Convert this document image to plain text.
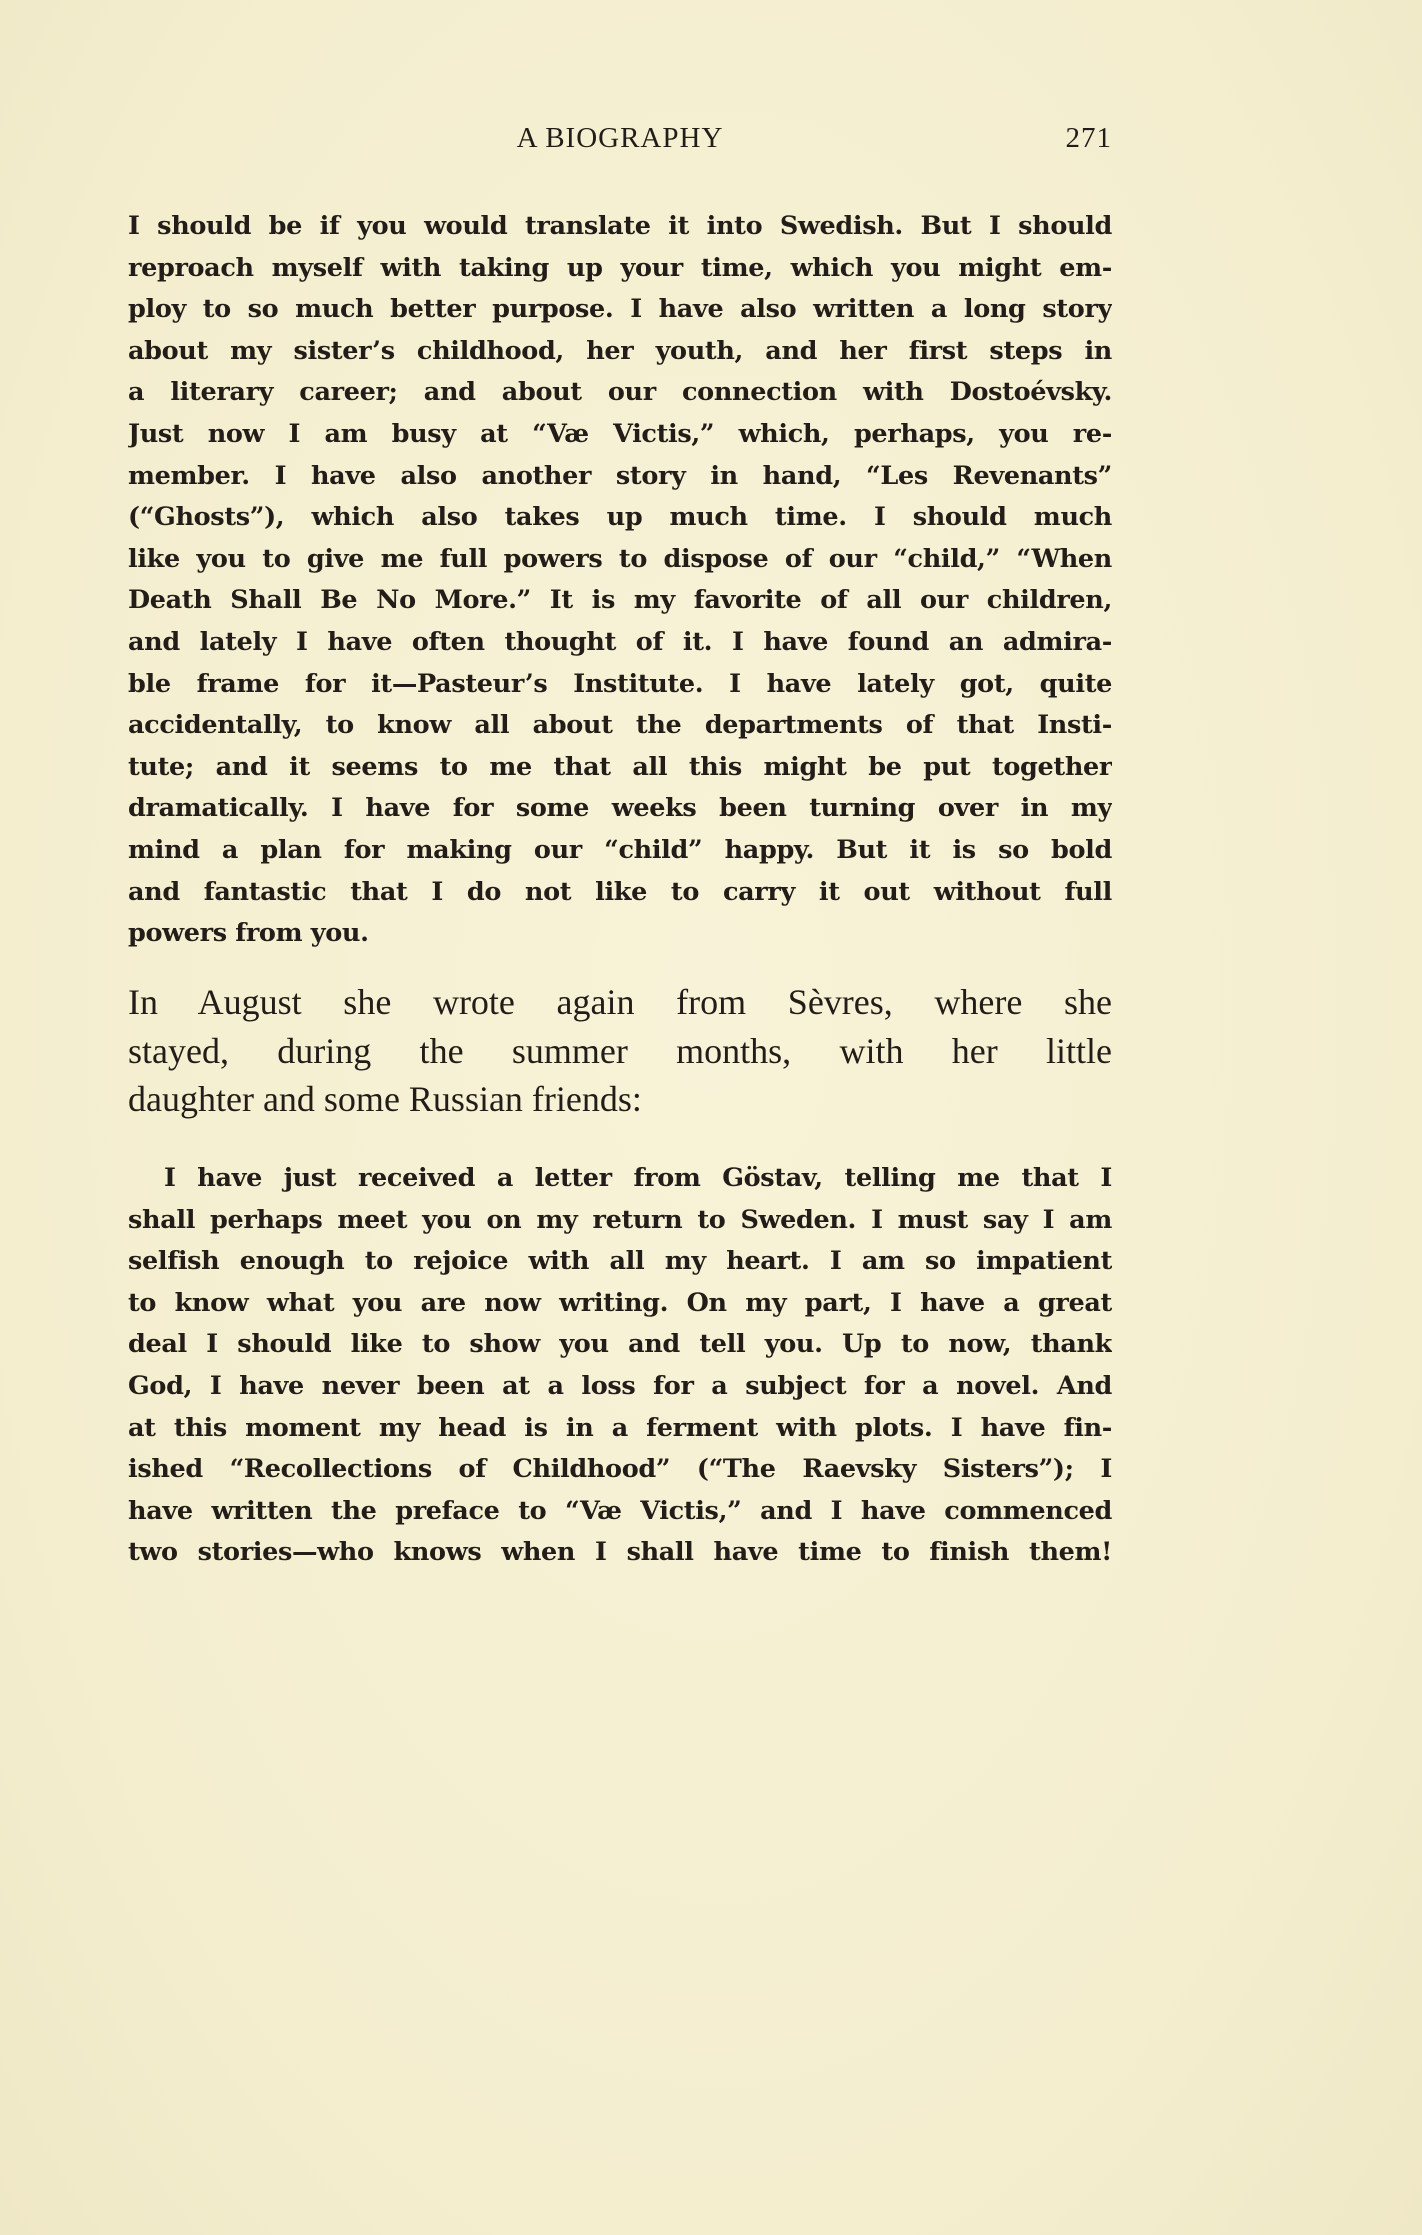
A BIOGRAPHY	271
I should be if you would translate it into Swedish. But I should
reproach myself with taking up your time, which you might em-
ploy to so much better purpose. I have also written a long story
about my sister’s childhood, her youth, and her first steps in
a literary career; and about our connection with Dostoévsky.
Just now I am busy at “Væ Victis,” which, perhaps, you re-
member. I have also another story in hand, “Les Revenants”
(“Ghosts”), which also takes up much time. I should much
like you to give me full powers to dispose of our “child,” “When
Death Shall Be No More.” It is my favorite of all our children,
and lately I have often thought of it. I have found an admira-
ble frame for it—Pasteur’s Institute. I have lately got, quite
accidentally, to know all about the departments of that Insti-
tute; and it seems to me that all this might be put together
dramatically. I have for some weeks been turning over in my
mind a plan for making our “child” happy. But it is so bold
and fantastic that I do not like to carry it out without full
powers from you.
In August she wrote again from Sèvres, where she
stayed, during the summer months, with her little
daughter and some Russian friends:
I have just received a letter from Göstav, telling me that I
shall perhaps meet you on my return to Sweden. I must say I am
selfish enough to rejoice with all my heart. I am so impatient
to know what you are now writing. On my part, I have a great
deal I should like to show you and tell you. Up to now, thank
God, I have never been at a loss for a subject for a novel. And
at this moment my head is in a ferment with plots. I have fin-
ished “Recollections of Childhood” (“The Raevsky Sisters”); I
have written the preface to “Væ Victis,” and I have commenced
two stories—who knows when I shall have time to finish them!
